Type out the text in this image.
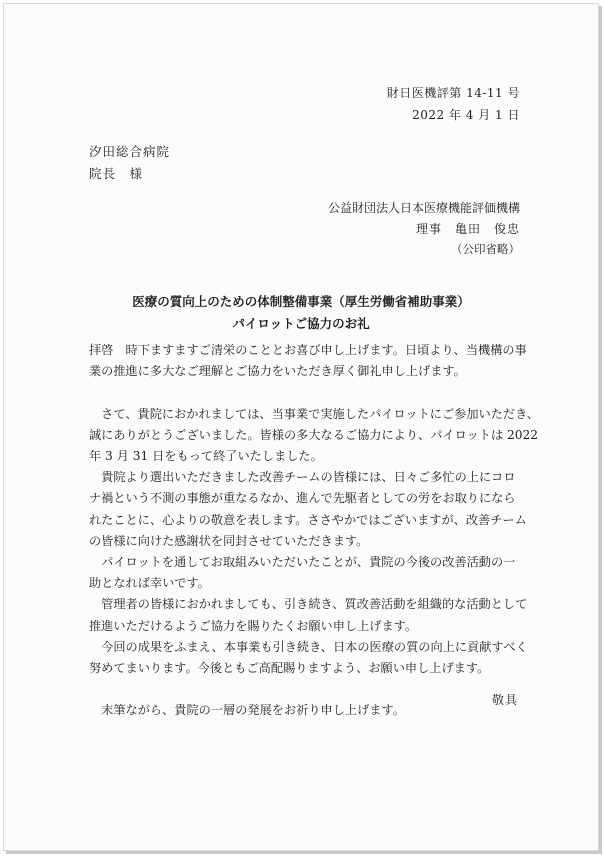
財日医機評第 14-11 号
2022 年 4 月 1 日
汐田総合病院
院長　様
公益財団法人日本医療機能評価機構
理事　亀田　俊忠
（公印省略）
医療の質向上のための体制整備事業（厚生労働省補助事業）
パイロットご協力のお礼
拝啓　時下ますますご清栄のこととお喜び申し上げます。日頃より、当機構の事
業の推進に多大なご理解とご協力をいただき厚く御礼申し上げます。
　さて、貴院におかれましては、当事業で実施したパイロットにご参加いただき、
誠にありがとうございました。皆様の多大なるご協力により、パイロットは 2022
年 3 月 31 日をもって終了いたしました。
　貴院より選出いただきました改善チームの皆様には、日々ご多忙の上にコロ
ナ禍という不測の事態が重なるなか、進んで先駆者としての労をお取りになら
れたことに、心よりの敬意を表します。ささやかではございますが、改善チーム
の皆様に向けた感謝状を同封させていただきます。
　パイロットを通してお取組みいただいたことが、貴院の今後の改善活動の一
助となれば幸いです。
　管理者の皆様におかれましても、引き続き、質改善活動を組織的な活動として
推進いただけるようご協力を賜りたくお願い申し上げます。
　今回の成果をふまえ、本事業も引き続き、日本の医療の質の向上に貢献すべく
努めてまいります。今後ともご高配賜りますよう、お願い申し上げます。
　末筆ながら、貴院の一層の発展をお祈り申し上げます。
敬具
